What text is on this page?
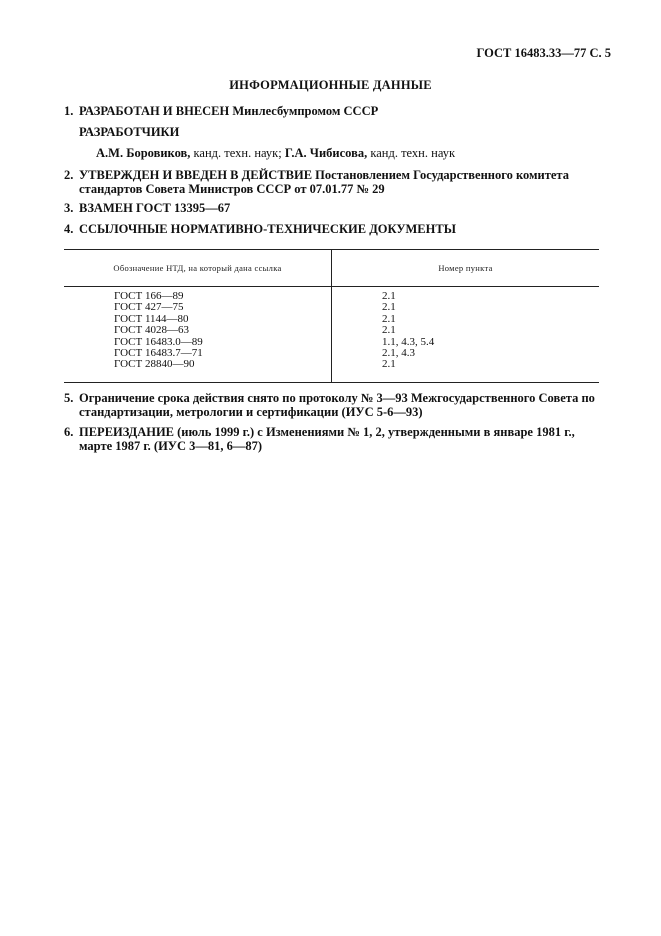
ГОСТ 16483.33—77 С. 5
ИНФОРМАЦИОННЫЕ ДАННЫЕ
1. РАЗРАБОТАН И ВНЕСЕН Минлесбумпромом СССР
РАЗРАБОТЧИКИ
А.М. Боровиков, канд. техн. наук; Г.А. Чибисова, канд. техн. наук
2. УТВЕРЖДЕН И ВВЕДЕН В ДЕЙСТВИЕ Постановлением Государственного комитета стандартов Совета Министров СССР от 07.01.77 № 29
3. ВЗАМЕН ГОСТ 13395—67
4. ССЫЛОЧНЫЕ НОРМАТИВНО-ТЕХНИЧЕСКИЕ ДОКУМЕНТЫ
Обозначение НТД, на который дана ссылка	Номер пункта
ГОСТ 166—89
ГОСТ 427—75
ГОСТ 1144—80
ГОСТ 4028—63
ГОСТ 16483.0—89
ГОСТ 16483.7—71
ГОСТ 28840—90
2.1
2.1
2.1
2.1
1.1, 4.3, 5.4
2.1, 4.3
2.1
5. Ограничение срока действия снято по протоколу № 3—93 Межгосударственного Совета по стандартизации, метрологии и сертификации (ИУС 5-6—93)
6. ПЕРЕИЗДАНИЕ (июль 1999 г.) с Изменениями № 1, 2, утвержденными в январе 1981 г., марте 1987 г. (ИУС 3—81, 6—87)
